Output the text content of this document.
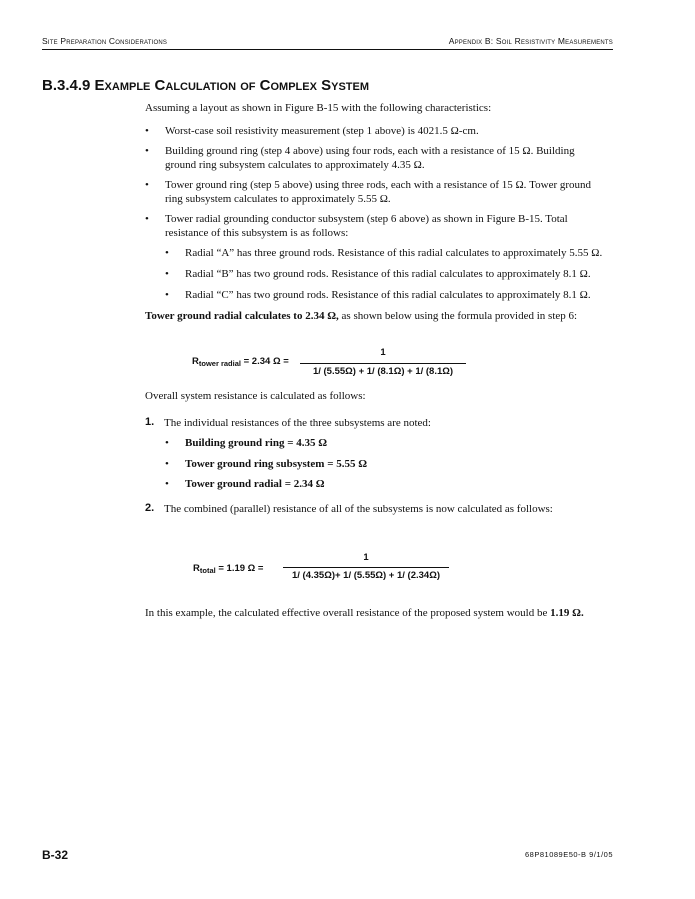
Site Preparation Considerations	Appendix B: Soil Resistivity Measurements
B.3.4.9 Example Calculation of Complex System

Assuming a layout as shown in Figure B-15 with the following characteristics:

• Worst-case soil resistivity measurement (step 1 above) is 4021.5 Ω-cm.
• Building ground ring (step 4 above) using four rods, each with a resistance of 15 Ω. Building ground ring subsystem calculates to approximately 4.35 Ω.
• Tower ground ring (step 5 above) using three rods, each with a resistance of 15 Ω. Tower ground ring subsystem calculates to approximately 5.55 Ω.
• Tower radial grounding conductor subsystem (step 6 above) as shown in Figure B-15. Total resistance of this subsystem is as follows:
• Radial “A” has three ground rods. Resistance of this radial calculates to approximately 5.55 Ω.
• Radial “B” has two ground rods. Resistance of this radial calculates to approximately 8.1 Ω.
• Radial “C” has two ground rods. Resistance of this radial calculates to approximately 8.1 Ω.

Tower ground radial calculates to 2.34 Ω, as shown below using the formula provided in step 6:

$R_{tower radial} = 2.34$ Ω =
1
1/ (5.55Ω) + 1/ (8.1Ω) + 1/ (8.1Ω)

Overall system resistance is calculated as follows:

1. The individual resistances of the three subsystems are noted:

• Building ground ring = 4.35 Ω
• Tower ground ring subsystem = 5.55 Ω
• Tower ground radial = 2.34 Ω
2. The combined (parallel) resistance of all of the subsystems is now calculated as follows:

$R_{total} = 1.19$ Ω =
1
1/ (4.35Ω)+ 1/ (5.55Ω) + 1/ (2.34Ω)

In this example, the calculated effective overall resistance of the proposed system would be 1.19 Ω.

B-32	68P81089E50-B 9/1/05
